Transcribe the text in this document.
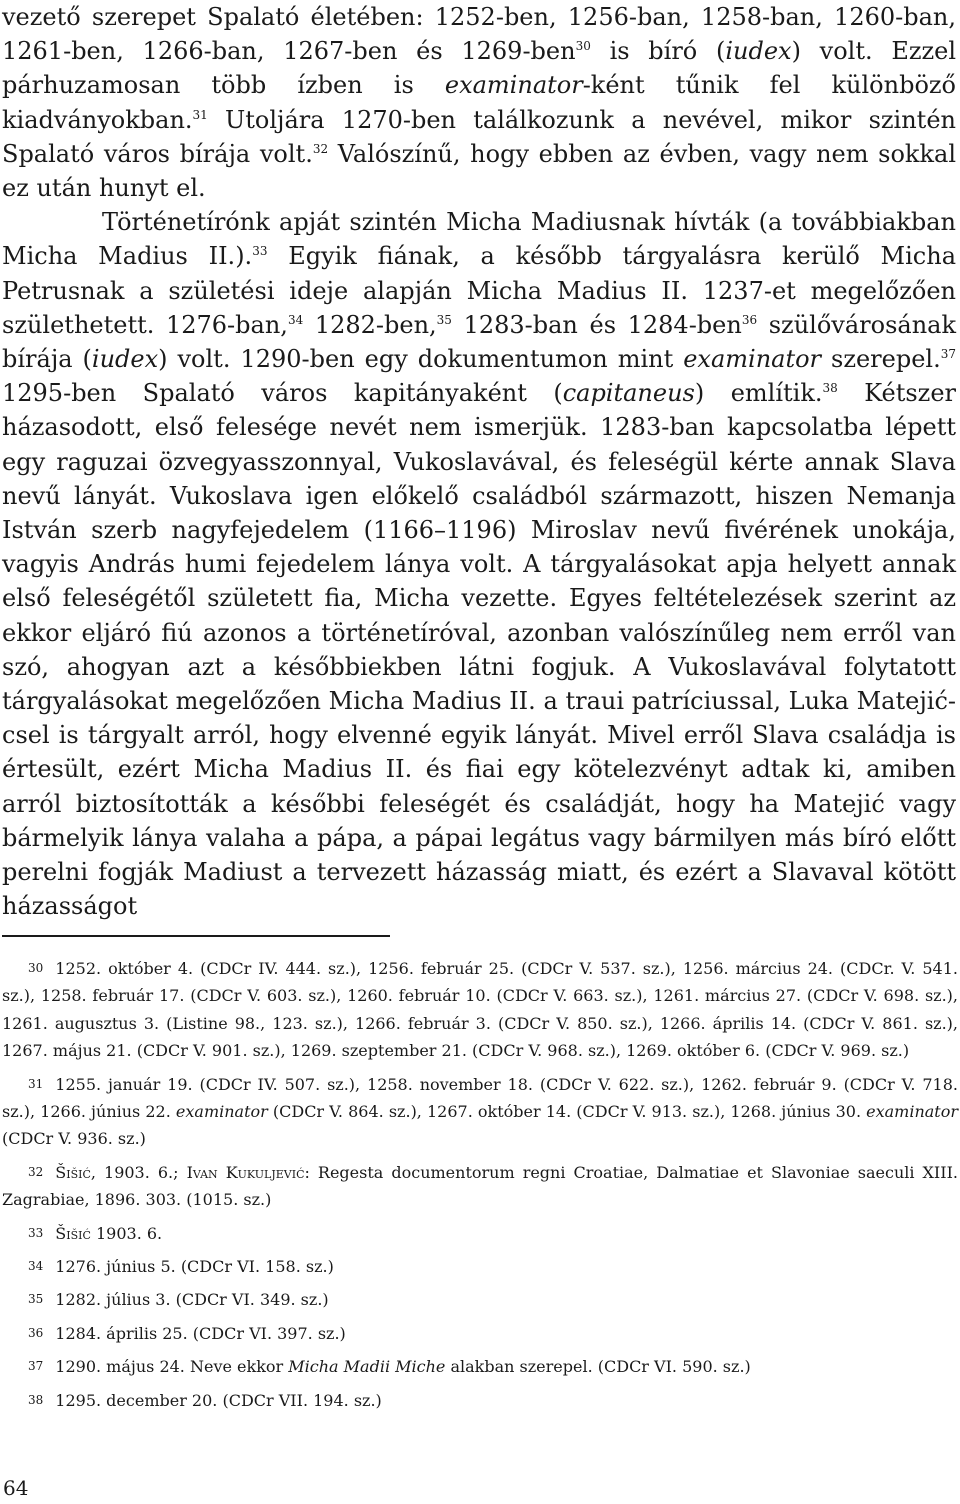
vezető szerepet Spalató életében: 1252-ben, 1256-ban, 1258-ban, 1260-ban, 1261-ben, 1266-ban, 1267-ben és 1269-ben$^{30}$ is bíró (iudex) volt. Ezzel párhuzamosan több ízben is examinator-ként tűnik fel különböző kiadványokban.$^{31}$ Utoljára 1270-ben találkozunk a nevével, mikor szintén Spalató város bírája volt.$^{32}$ Valószínű, hogy ebben az évben, vagy nem sokkal ez után hunyt el.

Történetírónk apját szintén Micha Madiusnak hívták (a továbbiakban Micha Madius II.).$^{33}$ Egyik fiának, a később tárgyalásra kerülő Micha Petrusnak a születési ideje alapján Micha Madius II. 1237-et megelőzően születhetett. 1276-ban,$^{34}$ 1282-ben,$^{35}$ 1283-ban és 1284-ben$^{36}$ szülővárosának bírája (iudex) volt. 1290-ben egy dokumentumon mint examinator szerepel.$^{37}$ 1295-ben Spalató város kapitányaként (capitaneus) említik.$^{38}$ Kétszer házasodott, első felesége nevét nem ismerjük. 1283-ban kapcsolatba lépett egy raguzai özvegyasszonnyal, Vukoslavával, és feleségül kérte annak Slava nevű lányát. Vukoslava igen előkelő családból származott, hiszen Nemanja István szerb nagyfejedelem (1166–1196) Miroslav nevű fivérének unokája, vagyis András humi fejedelem lánya volt. A tárgyalásokat apja helyett annak első feleségétől született fia, Micha vezette. Egyes feltételezések szerint az ekkor eljáró fiú azonos a történetíróval, azonban valószínűleg nem erről van szó, ahogyan azt a későbbiekben látni fogjuk. A Vukoslavával folytatott tárgyalásokat megelőzően Micha Madius II. a traui patríciussal, Luka Matejić-csel is tárgyalt arról, hogy elvenné egyik lányát. Mivel erről Slava családja is értesült, ezért Micha Madius II. és fiai egy kötelezvényt adtak ki, amiben arról biztosították a későbbi feleségét és családját, hogy ha Matejić vagy bármelyik lánya valaha a pápa, a pápai legátus vagy bármilyen más bíró előtt perelni fogják Madiust a tervezett házasság miatt, és ezért a Slavaval kötött házasságot

30 1252. október 4. (CDCr IV. 444. sz.), 1256. február 25. (CDCr V. 537. sz.), 1256. március 24. (CDCr. V. 541. sz.), 1258. február 17. (CDCr V. 603. sz.), 1260. február 10. (CDCr V. 663. sz.), 1261. március 27. (CDCr V. 698. sz.), 1261. augusztus 3. (Listine 98., 123. sz.), 1266. február 3. (CDCr V. 850. sz.), 1266. április 14. (CDCr V. 861. sz.), 1267. május 21. (CDCr V. 901. sz.), 1269. szeptember 21. (CDCr V. 968. sz.), 1269. október 6. (CDCr V. 969. sz.)

31 1255. január 19. (CDCr IV. 507. sz.), 1258. november 18. (CDCr V. 622. sz.), 1262. február 9. (CDCr V. 718. sz.), 1266. június 22. examinator (CDCr V. 864. sz.), 1267. október 14. (CDCr V. 913. sz.), 1268. június 30. examinator (CDCr V. 936. sz.)

32 Šišić, 1903. 6.; Ivan Kukuljević: Regesta documentorum regni Croatiae, Dalmatiae et Slavoniae saeculi XIII. Zagrabiae, 1896. 303. (1015. sz.)

33 Šišić 1903. 6.

34 1276. június 5. (CDCr VI. 158. sz.)

35 1282. július 3. (CDCr VI. 349. sz.)

36 1284. április 25. (CDCr VI. 397. sz.)

37 1290. május 24. Neve ekkor Micha Madii Miche alakban szerepel. (CDCr VI. 590. sz.)

38 1295. december 20. (CDCr VII. 194. sz.)

64
